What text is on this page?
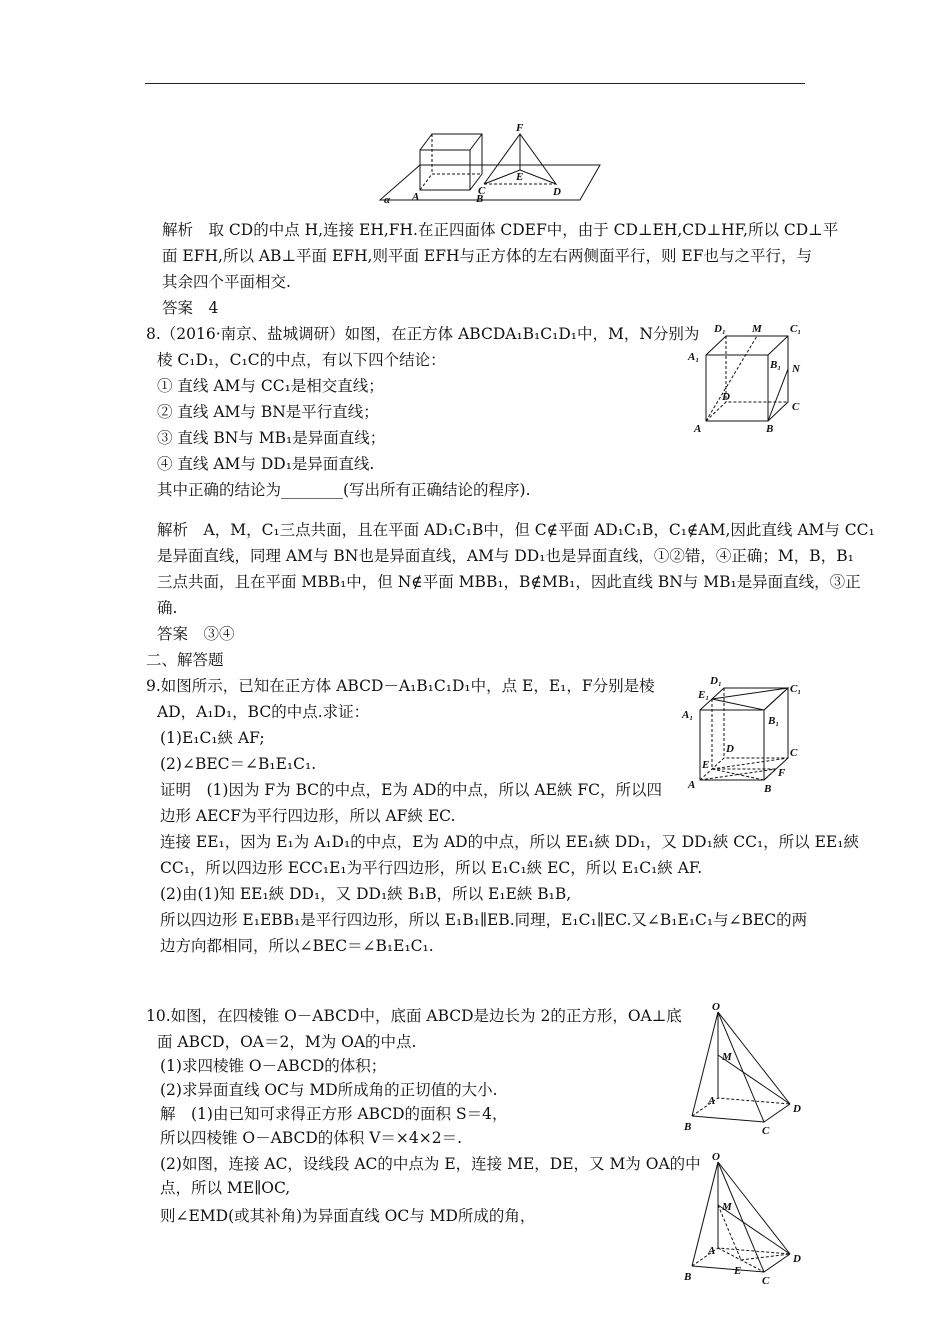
F
E
A	B
C	D
α
解析　取 CD的中点 H,连接 EH,FH.在正四面体 CDEF中，由于 CD⊥EH,CD⊥HF,所以 CD⊥平
面 EFH,所以 AB⊥平面 EFH,则平面 EFH与正方体的左右两侧面平行，则 EF也与之平行，与
其余四个平面相交.
答案　4
8.（2016·南京、盐城调研）如图，在正方体 ABCDA₁B₁C₁D₁中，M，N分别为
棱 C₁D₁，C₁C的中点，有以下四个结论：
① 直线 AM与 CC₁是相交直线；
② 直线 AM与 BN是平行直线；
③ 直线 BN与 MB₁是异面直线；
④ 直线 AM与 DD₁是异面直线.
其中正确的结论为________(写出所有正确结论的程序).
D₁ M	C₁
A₁
B₁ N
D
C
A	B
解析　A，M，C₁三点共面，且在平面 AD₁C₁B中，但 C∉平面 AD₁C₁B，C₁∉AM,因此直线 AM与 CC₁
是异面直线，同理 AM与 BN也是异面直线，AM与 DD₁也是异面直线，①②错，④正确；M，B，B₁
三点共面，且在平面 MBB₁中，但 N∉平面 MBB₁，B∉MB₁，因此直线 BN与 MB₁是异面直线，③正
确.
答案　③④
二、解答题
9.如图所示，已知在正方体 ABCD－A₁B₁C₁D₁中，点 E，E₁，F分别是棱
AD，A₁D₁，BC的中点.求证：
(1)E₁C₁綊 AF;
(2)∠BEC＝∠B₁E₁C₁.
证明　(1)因为 F为 BC的中点，E为 AD的中点，所以 AE綊 FC，所以四
边形 AECF为平行四边形，所以 AF綊 EC.
连接 EE₁，因为 E₁为 A₁D₁的中点，E为 AD的中点，所以 EE₁綊 DD₁，又 DD₁綊 CC₁，所以 EE₁綊
CC₁，所以四边形 ECC₁E₁为平行四边形，所以 E₁C₁綊 EC，所以 E₁C₁綊 AF.
(2)由(1)知 EE₁綊 DD₁，又 DD₁綊 B₁B，所以 E₁E綊 B₁B,
所以四边形 E₁EBB₁是平行四边形，所以 E₁B₁∥EB.同理，E₁C₁∥EC.又∠B₁E₁C₁与∠BEC的两
边方向都相同，所以∠BEC＝∠B₁E₁C₁.
D₁
E₁	C₁
A₁	B₁
D	C
E
F
A	B
10.如图，在四棱锥 O－ABCD中，底面 ABCD是边长为 2的正方形，OA⊥底
面 ABCD，OA＝2，M为 OA的中点.
(1)求四棱锥 O－ABCD的体积；
(2)求异面直线 OC与 MD所成角的正切值的大小.
解　(1)由已知可求得正方形 ABCD的面积 S＝4，
所以四棱锥 O－ABCD的体积 V＝×4×2＝.
(2)如图，连接 AC，设线段 AC的中点为 E，连接 ME，DE，又 M为 OA的中
点，所以 ME∥OC,
则∠EMD(或其补角)为异面直线 OC与 MD所成的角，
O
M
A
D
B	C
O
M
A
D
B	E
C
